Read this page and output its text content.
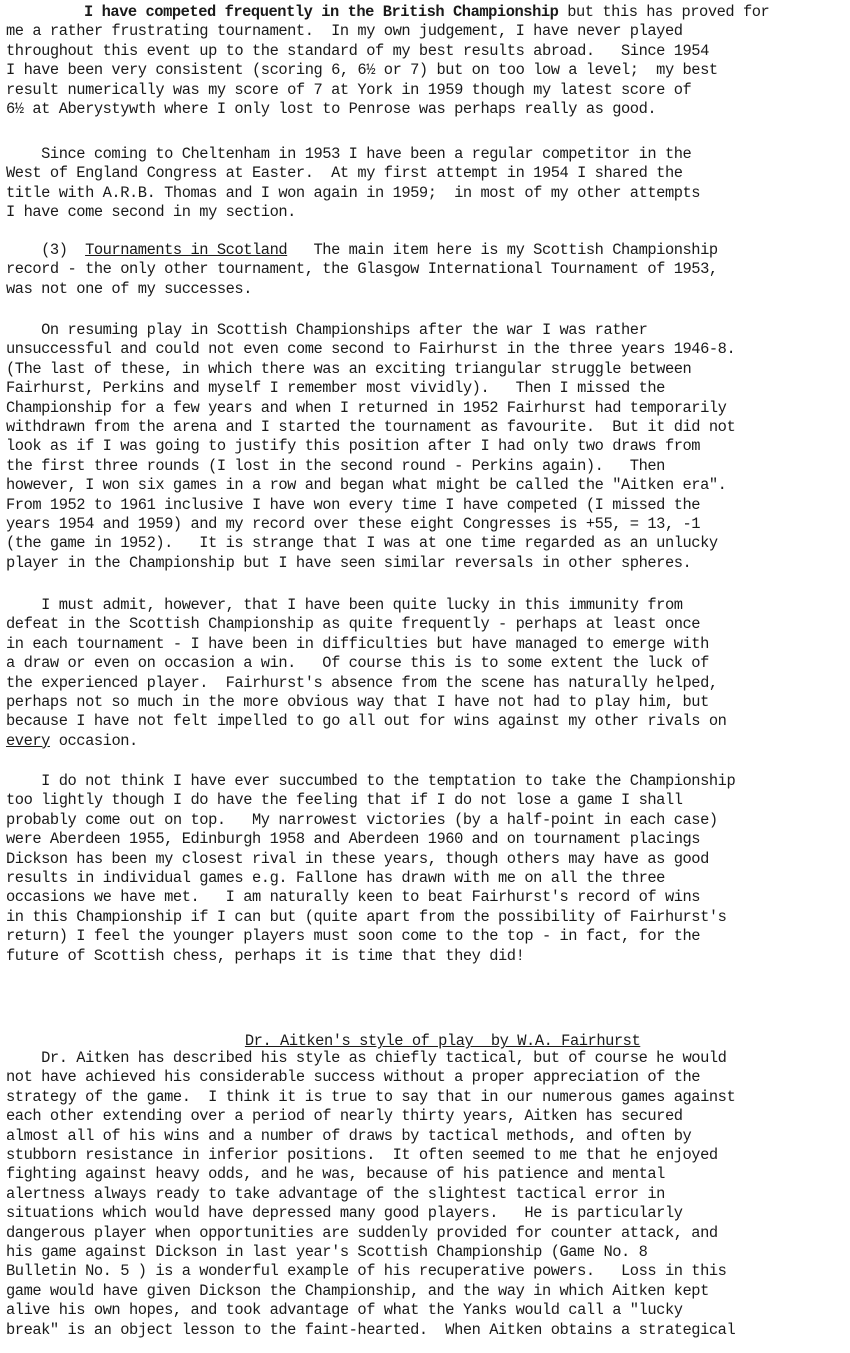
I have competed frequently in the British Championship but this has proved for
me a rather frustrating tournament.  In my own judgement, I have never played
throughout this event up to the standard of my best results abroad.   Since 1954
I have been very consistent (scoring 6, 6½ or 7) but on too low a level;  my best
result numerically was my score of 7 at York in 1959 though my latest score of
6½ at Aberystywth where I only lost to Penrose was perhaps really as good.
Since coming to Cheltenham in 1953 I have been a regular competitor in the
West of England Congress at Easter.  At my first attempt in 1954 I shared the
title with A.R.B. Thomas and I won again in 1959;  in most of my other attempts
I have come second in my section.
(3)  Tournaments in Scotland   The main item here is my Scottish Championship
record - the only other tournament, the Glasgow International Tournament of 1953,
was not one of my successes.
On resuming play in Scottish Championships after the war I was rather
unsuccessful and could not even come second to Fairhurst in the three years 1946-8.
(The last of these, in which there was an exciting triangular struggle between
Fairhurst, Perkins and myself I remember most vividly).   Then I missed the
Championship for a few years and when I returned in 1952 Fairhurst had temporarily
withdrawn from the arena and I started the tournament as favourite.  But it did not
look as if I was going to justify this position after I had only two draws from
the first three rounds (I lost in the second round - Perkins again).   Then
however, I won six games in a row and began what might be called the "Aitken era".
From 1952 to 1961 inclusive I have won every time I have competed (I missed the
years 1954 and 1959) and my record over these eight Congresses is +55, = 13, -1
(the game in 1952).   It is strange that I was at one time regarded as an unlucky
player in the Championship but I have seen similar reversals in other spheres.
I must admit, however, that I have been quite lucky in this immunity from
defeat in the Scottish Championship as quite frequently - perhaps at least once
in each tournament - I have been in difficulties but have managed to emerge with
a draw or even on occasion a win.   Of course this is to some extent the luck of
the experienced player.  Fairhurst's absence from the scene has naturally helped,
perhaps not so much in the more obvious way that I have not had to play him, but
because I have not felt impelled to go all out for wins against my other rivals on
every occasion.
I do not think I have ever succumbed to the temptation to take the Championship
too lightly though I do have the feeling that if I do not lose a game I shall
probably come out on top.   My narrowest victories (by a half-point in each case)
were Aberdeen 1955, Edinburgh 1958 and Aberdeen 1960 and on tournament placings
Dickson has been my closest rival in these years, though others may have as good
results in individual games e.g. Fallone has drawn with me on all the three
occasions we have met.   I am naturally keen to beat Fairhurst's record of wins
in this Championship if I can but (quite apart from the possibility of Fairhurst's
return) I feel the younger players must soon come to the top - in fact, for the
future of Scottish chess, perhaps it is time that they did!

Dr. Aitken's style of play  by W.A. Fairhurst

Dr. Aitken has described his style as chiefly tactical, but of course he would
not have achieved his considerable success without a proper appreciation of the
strategy of the game.  I think it is true to say that in our numerous games against
each other extending over a period of nearly thirty years, Aitken has secured
almost all of his wins and a number of draws by tactical methods, and often by
stubborn resistance in inferior positions.  It often seemed to me that he enjoyed
fighting against heavy odds, and he was, because of his patience and mental
alertness always ready to take advantage of the slightest tactical error in
situations which would have depressed many good players.   He is particularly
dangerous player when opportunities are suddenly provided for counter attack, and
his game against Dickson in last year's Scottish Championship (Game No. 8
Bulletin No. 5 ) is a wonderful example of his recuperative powers.   Loss in this
game would have given Dickson the Championship, and the way in which Aitken kept
alive his own hopes, and took advantage of what the Yanks would call a "lucky
break" is an object lesson to the faint-hearted.  When Aitken obtains a strategical
